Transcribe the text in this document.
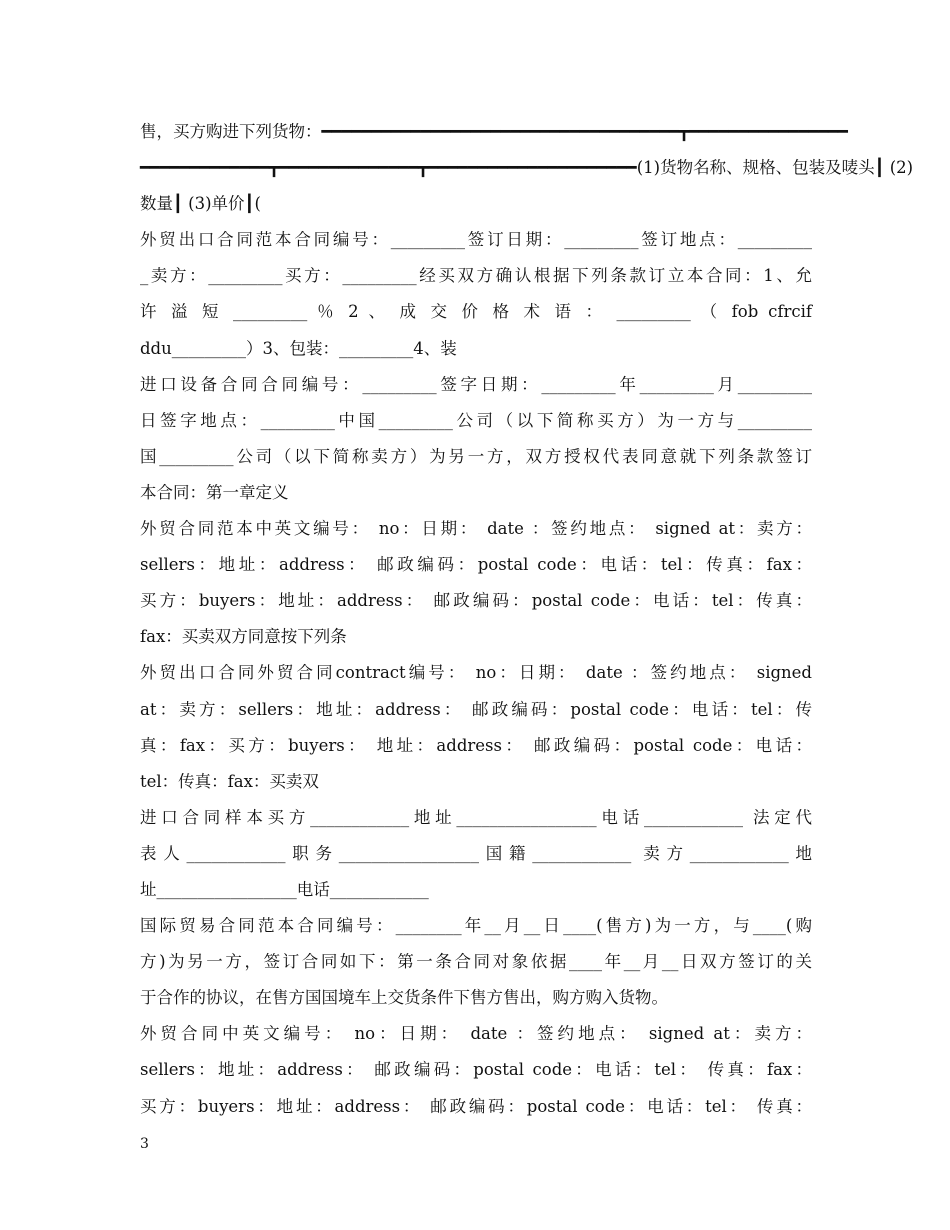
售，买方购进下列货物：━━━━━━━━━━━━━━━━━━━━━━━━━━━━━━━━━━━━┳━━━━━━━━━━━━━━━━
━━━━━━━━━━━━━┳━━━━━━━━━━━━━━┳━━━━━━━━━━━━━━━━━━━━━(1)货物名称、规格、包装及唛头┃ (2)
数量┃ (3)单价┃(
外贸出口合同范本合同编号：_________签订日期：_________签订地点：_________
_卖方：_________买方：_________经买双方确认根据下列条款订立本合同：1、允
许 溢 短 _________ ％ 2 、 成 交 价 格 术 语 ： _________ （ fob cfrcif
ddu_________）3、包装：_________4、装
进口设备合同合同编号：_________签字日期：_________年_________月_________
日签字地点：_________中国_________公司（以下简称买方）为一方与_________
国_________公司（以下简称卖方）为另一方，双方授权代表同意就下列条款签订
本合同：第一章定义
外贸合同范本中英文编号： no：日期： date ：签约地点： signed at：卖方：
sellers：地址：address： 邮政编码：postal code：电话：tel：传真：fax：
买方：buyers：地址：address： 邮政编码：postal code：电话：tel：传真：
fax：买卖双方同意按下列条
外贸出口合同外贸合同contract编号： no：日期： date ：签约地点： signed
at：卖方：sellers：地址：address： 邮政编码：postal code：电话：tel：传
真：fax：买方：buyers： 地址：address： 邮政编码：postal code：电话：
tel：传真：fax：买卖双
进口合同样本买方____________地址_________________电话____________ 法定代
表人____________职务_________________国籍____________ 卖方____________地
址_________________电话____________
国际贸易合同范本合同编号：________年__月__日____(售方)为一方，与____(购
方)为另一方，签订合同如下：第一条合同对象依据____年__月__日双方签订的关
于合作的协议，在售方国国境车上交货条件下售方售出，购方购入货物。
外贸合同中英文编号： no：日期： date ：签约地点： signed at：卖方：
sellers：地址：address： 邮政编码：postal code：电话：tel： 传真：fax：
买方：buyers：地址：address： 邮政编码：postal code：电话：tel： 传真：
3
